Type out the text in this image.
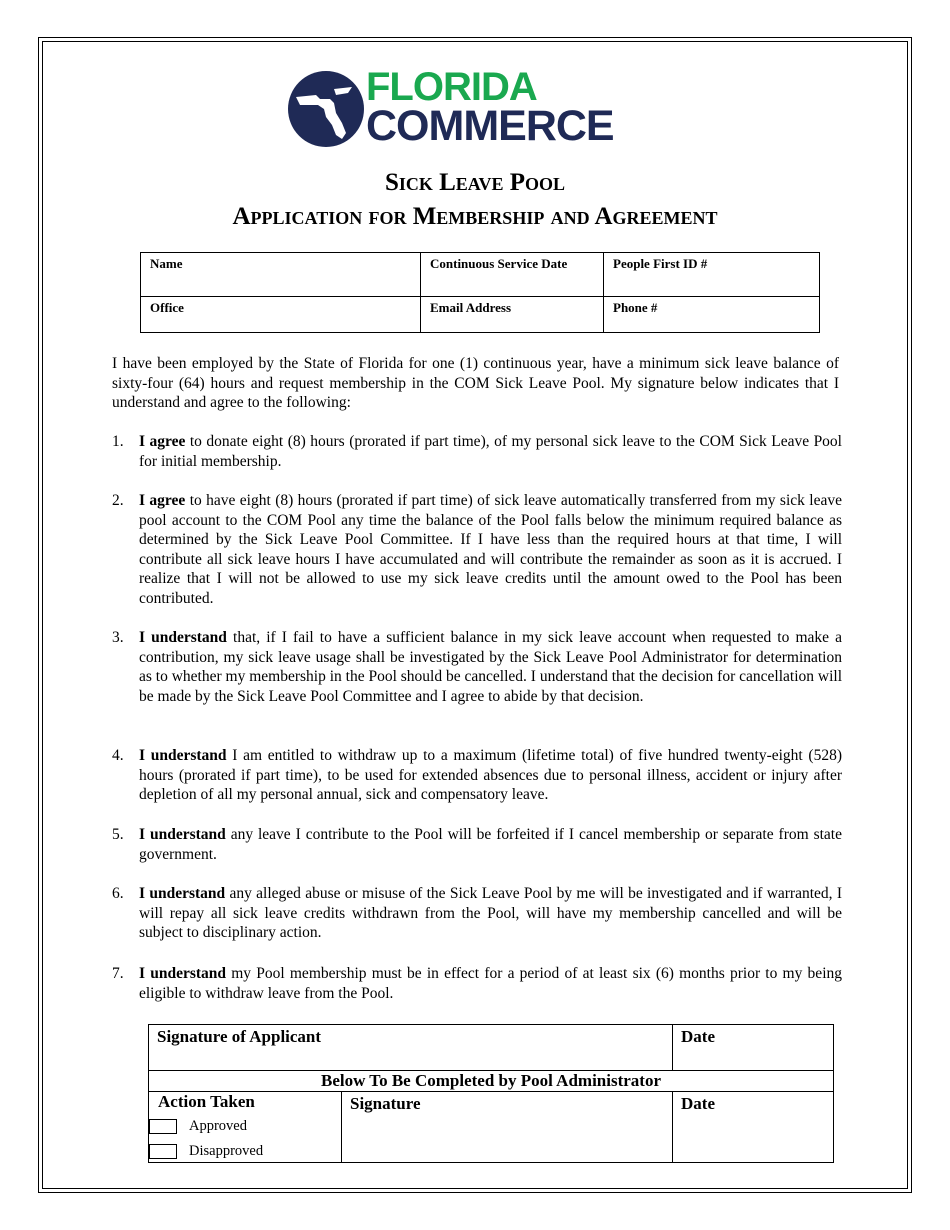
FLORIDA
COMMERCE
Sick Leave Pool
Application for Membership and Agreement
Name	Continuous Service Date	People First ID #
Office	Email Address	Phone #
I have been employed by the State of Florida for one (1) continuous year, have a minimum sick leave balance of sixty-four (64) hours and request membership in the COM Sick Leave Pool. My signature below indicates that I understand and agree to the following:
1. I agree to donate eight (8) hours (prorated if part time), of my personal sick leave to the COM Sick Leave Pool for initial membership.
2. I agree to have eight (8) hours (prorated if part time) of sick leave automatically transferred from my sick leave pool account to the COM Pool any time the balance of the Pool falls below the minimum required balance as determined by the Sick Leave Pool Committee. If I have less than the required hours at that time, I will contribute all sick leave hours I have accumulated and will contribute the remainder as soon as it is accrued. I realize that I will not be allowed to use my sick leave credits until the amount owed to the Pool has been contributed.
3. I understand that, if I fail to have a sufficient balance in my sick leave account when requested to make a contribution, my sick leave usage shall be investigated by the Sick Leave Pool Administrator for determination as to whether my membership in the Pool should be cancelled. I understand that the decision for cancellation will be made by the Sick Leave Pool Committee and I agree to abide by that decision.
4. I understand I am entitled to withdraw up to a maximum (lifetime total) of five hundred twenty-eight (528) hours (prorated if part time), to be used for extended absences due to personal illness, accident or injury after depletion of all my personal annual, sick and compensatory leave.
5. I understand any leave I contribute to the Pool will be forfeited if I cancel membership or separate from state government.
6. I understand any alleged abuse or misuse of the Sick Leave Pool by me will be investigated and if warranted, I will repay all sick leave credits withdrawn from the Pool, will have my membership cancelled and will be subject to disciplinary action.
7. I understand my Pool membership must be in effect for a period of at least six (6) months prior to my being eligible to withdraw leave from the Pool.
Signature of Applicant		Date
Below To Be Completed by Pool Administrator		

Action Taken
Approved
Disapproved	Signature	Date
